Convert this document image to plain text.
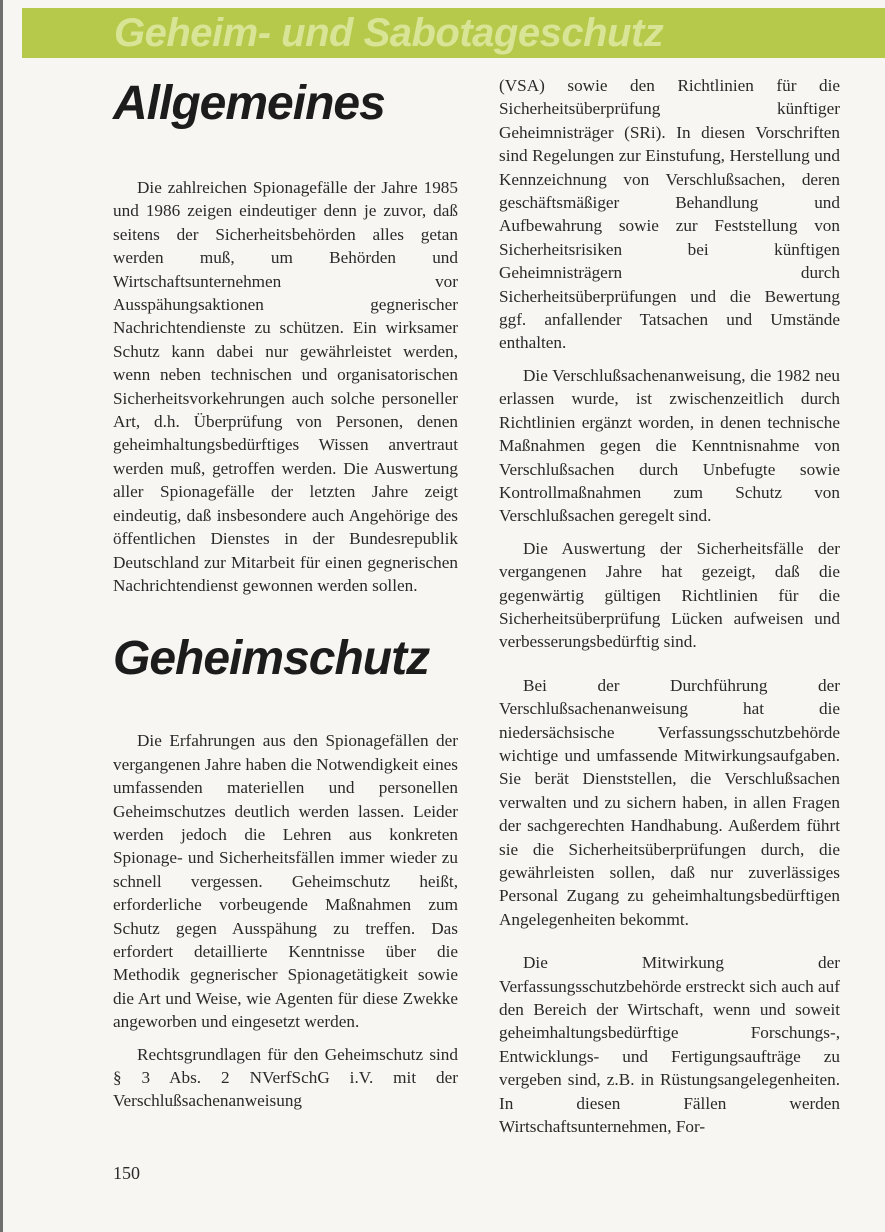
Geheim- und Sabotageschutz
Allgemeines

Die zahlreichen Spionagefälle der Jahre 1985 und 1986 zeigen eindeutiger denn je zuvor, daß seitens der Sicherheitsbehörden alles getan werden muß, um Behörden und Wirtschaftsunternehmen vor Ausspähungsaktionen gegnerischer Nachrichtendienste zu schützen. Ein wirksamer Schutz kann dabei nur gewährleistet werden, wenn neben technischen und organisatorischen Sicherheitsvorkehrungen auch solche personeller Art, d.h. Überprüfung von Personen, denen geheimhaltungsbedürftiges Wissen anvertraut werden muß, getroffen werden. Die Auswertung aller Spionagefälle der letzten Jahre zeigt eindeutig, daß insbesondere auch Angehörige des öffentlichen Dienstes in der Bundesrepublik Deutschland zur Mitarbeit für einen gegnerischen Nachrichtendienst gewonnen werden sollen.

Geheimschutz

Die Erfahrungen aus den Spionagefällen der vergangenen Jahre haben die Notwendigkeit eines umfassenden materiellen und personellen Geheimschutzes deutlich werden lassen. Leider werden jedoch die Lehren aus konkreten Spionage- und Sicherheitsfällen immer wieder zu schnell vergessen. Geheimschutz heißt, erforderliche vorbeugende Maßnahmen zum Schutz gegen Ausspähung zu treffen. Das erfordert detaillierte Kenntnisse über die Methodik gegnerischer Spionagetätigkeit sowie die Art und Weise, wie Agenten für diese Zwekke angeworben und eingesetzt werden.

Rechtsgrundlagen für den Geheimschutz sind § 3 Abs. 2 NVerfSchG i.V. mit der Verschlußsachenanweisung

(VSA) sowie den Richtlinien für die Sicherheitsüberprüfung künftiger Geheimnisträger (SRi). In diesen Vorschriften sind Regelungen zur Einstufung, Herstellung und Kennzeichnung von Verschlußsachen, deren geschäftsmäßiger Behandlung und Aufbewahrung sowie zur Feststellung von Sicherheitsrisiken bei künftigen Geheimnisträgern durch Sicherheitsüberprüfungen und die Bewertung ggf. anfallender Tatsachen und Umstände enthalten.

Die Verschlußsachenanweisung, die 1982 neu erlassen wurde, ist zwischenzeitlich durch Richtlinien ergänzt worden, in denen technische Maßnahmen gegen die Kenntnisnahme von Verschlußsachen durch Unbefugte sowie Kontrollmaßnahmen zum Schutz von Verschlußsachen geregelt sind.

Die Auswertung der Sicherheitsfälle der vergangenen Jahre hat gezeigt, daß die gegenwärtig gültigen Richtlinien für die Sicherheitsüberprüfung Lücken aufweisen und verbesserungsbedürftig sind.

Bei der Durchführung der Verschlußsachenanweisung hat die niedersächsische Verfassungsschutzbehörde wichtige und umfassende Mitwirkungsaufgaben. Sie berät Dienststellen, die Verschlußsachen verwalten und zu sichern haben, in allen Fragen der sachgerechten Handhabung. Außerdem führt sie die Sicherheitsüberprüfungen durch, die gewährleisten sollen, daß nur zuverlässiges Personal Zugang zu geheimhaltungsbedürftigen Angelegenheiten bekommt.

Die Mitwirkung der Verfassungsschutzbehörde erstreckt sich auch auf den Bereich der Wirtschaft, wenn und soweit geheimhaltungsbedürftige Forschungs-, Entwicklungs- und Fertigungsaufträge zu vergeben sind, z.B. in Rüstungsangelegenheiten. In diesen Fällen werden Wirtschaftsunternehmen, For-

150
